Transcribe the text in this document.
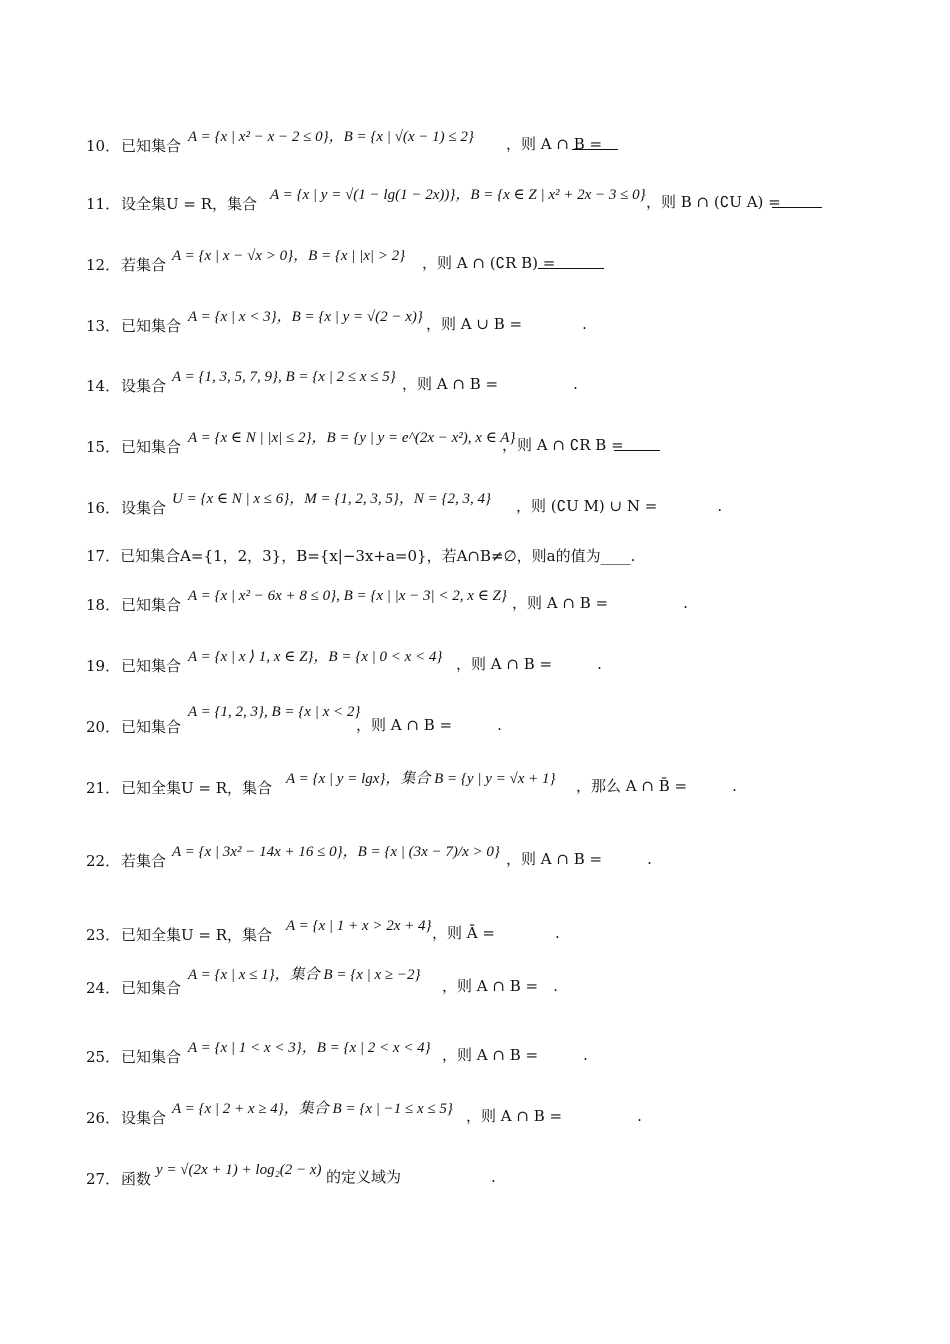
10． 已知集合 A = {x | x² − x − 2 ≤ 0}，B = {x | √(x − 1) ≤ 2} ，则 A ∩ B =
11． 设全集U = R，集合 A = {x | y = √(1 − lg(1 − 2x))}，B = {x ∈ Z | x² + 2x − 3 ≤ 0} ，则 B ∩ (∁U A) =
12． 若集合 A = {x | x − √x > 0}，B = {x | |x| > 2} ，则 A ∩ (∁R B) =
13． 已知集合 A = {x | x < 3}，B = {x | y = √(2 − x)} ，则 A ∪ B =　　　　.
14． 设集合 A = {1, 3, 5, 7, 9}, B = {x | 2 ≤ x ≤ 5} ，则 A ∩ B =　　　　　.
15． 已知集合 A = {x ∈ N | |x| ≤ 2}，B = {y | y = e^(2x − x²), x ∈ A}
，则 A ∩ ∁R B =
16． 设集合 U = {x ∈ N | x ≤ 6}，M = {1, 2, 3, 5}，N = {2, 3, 4} ，则 (∁U M) ∪ N =　　　　.
17．已知集合A={1，2，3}，B={x|−3x+a=0}，若A∩B≠∅，则a的值为____.
18． 已知集合 A = {x | x² − 6x + 8 ≤ 0}, B = {x | |x − 3| < 2, x ∈ Z} ，则 A ∩ B =　　　　　.
19． 已知集合 A = {x | x ⟩ 1, x ∈ Z}，B = {x | 0 < x < 4} ，则 A ∩ B =　　　.
20． 已知集合
A = {1, 2, 3}, B = {x | x < 2}
，则 A ∩ B =　　　.
21． 已知全集U = R，集合 A = {x | y = lgx}，集合 B = {y | y = √x + 1} ，那么 A ∩ B̄ =　　　.
22． 若集合 A = {x | 3x² − 14x + 16 ≤ 0}，B = {x | (3x − 7)/x > 0} ，则 A ∩ B =　　　.
23． 已知全集U = R，集合 A = {x | 1 + x > 2x + 4} ，则 Ā =　　　　.
24． 已知集合
A = {x | x ≤ 1}，集合 B = {x | x ≥ −2}
，则 A ∩ B =　.
25． 已知集合 A = {x | 1 < x < 3}，B = {x | 2 < x < 4} ，则 A ∩ B =　　　.
26． 设集合 A = {x | 2 + x ≥ 4}，集合 B = {x | −1 ≤ x ≤ 5} ，则 A ∩ B =　　　　　.
27． 函数 y = √(2x + 1) + log₂(2 − x) 的定义域为　　　　　　.
